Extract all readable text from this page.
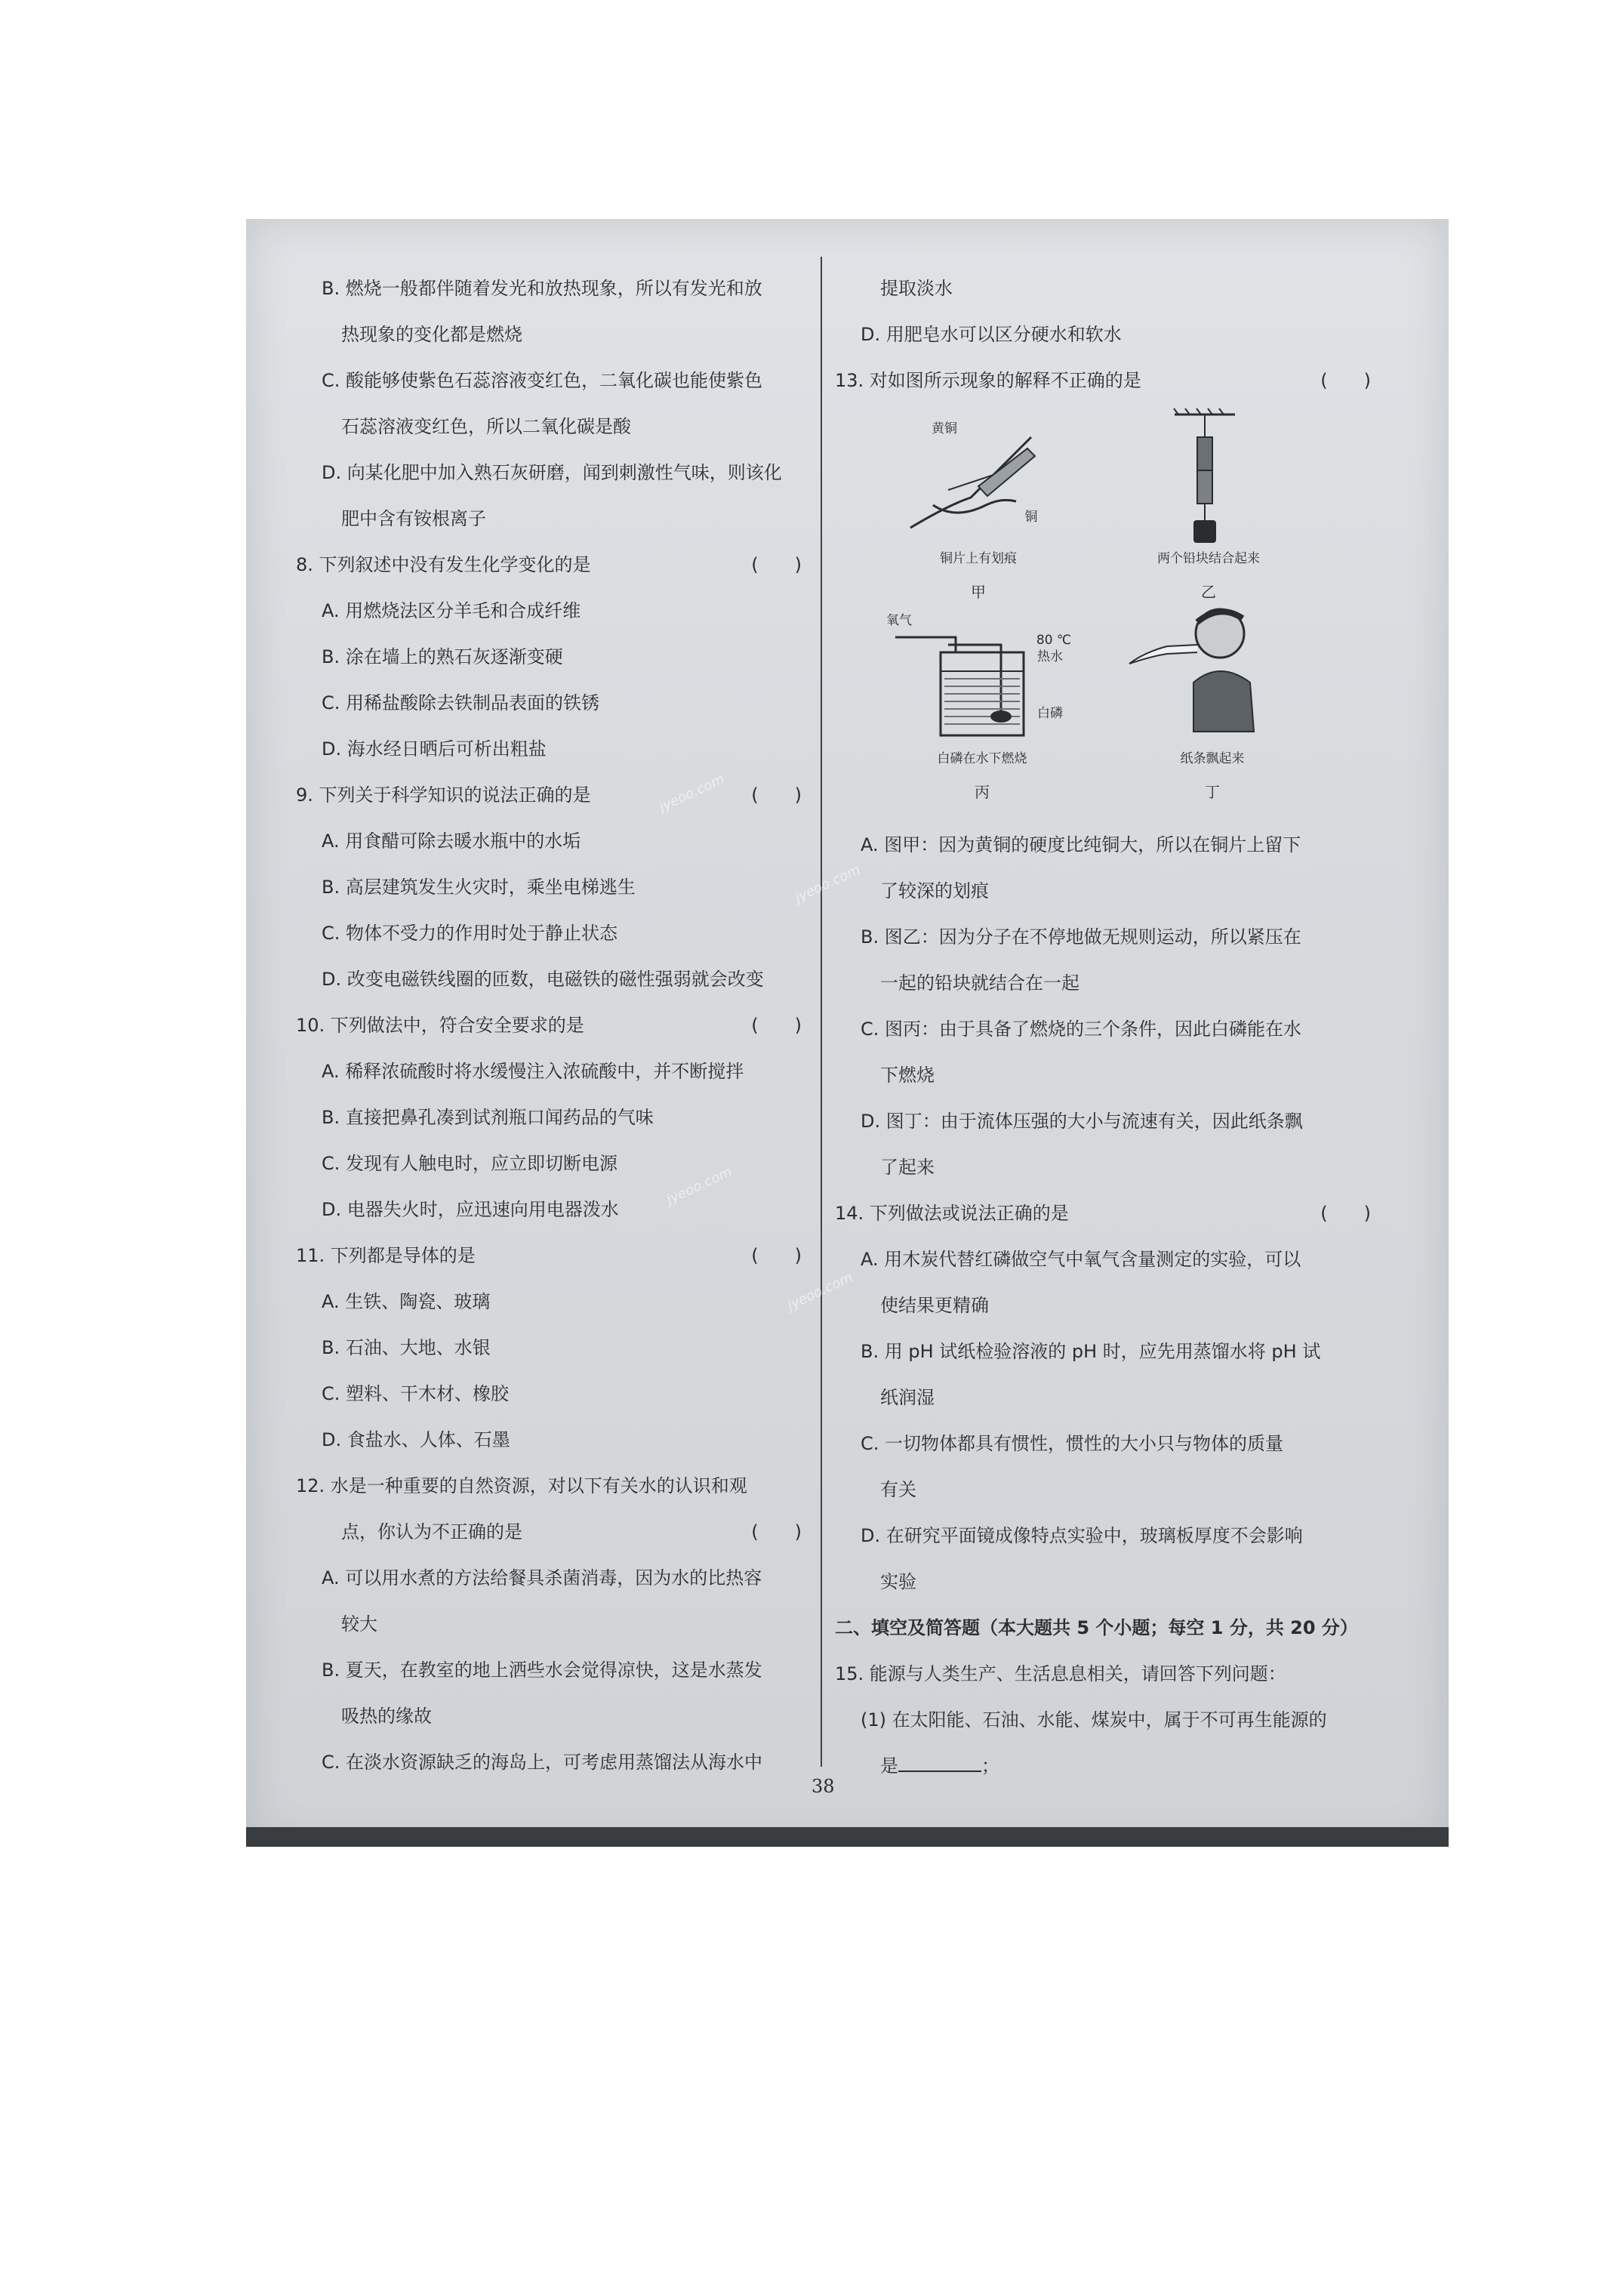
jyeoo.com
jyeoo.com
jyeoo.com
jyeoo.com
B. 燃烧一般都伴随着发光和放热现象，所以有发光和放
热现象的变化都是燃烧
C. 酸能够使紫色石蕊溶液变红色，二氧化碳也能使紫色
石蕊溶液变红色，所以二氧化碳是酸
D. 向某化肥中加入熟石灰研磨，闻到刺激性气味，则该化
肥中含有铵根离子
8. 下列叙述中没有发生化学变化的是	(　　)
A. 用燃烧法区分羊毛和合成纤维
B. 涂在墙上的熟石灰逐渐变硬
C. 用稀盐酸除去铁制品表面的铁锈
D. 海水经日晒后可析出粗盐
9. 下列关于科学知识的说法正确的是	(　　)
A. 用食醋可除去暖水瓶中的水垢
B. 高层建筑发生火灾时，乘坐电梯逃生
C. 物体不受力的作用时处于静止状态
D. 改变电磁铁线圈的匝数，电磁铁的磁性强弱就会改变
10. 下列做法中，符合安全要求的是	(　　)
A. 稀释浓硫酸时将水缓慢注入浓硫酸中，并不断搅拌
B. 直接把鼻孔凑到试剂瓶口闻药品的气味
C. 发现有人触电时，应立即切断电源
D. 电器失火时，应迅速向用电器泼水
11. 下列都是导体的是	(　　)
A. 生铁、陶瓷、玻璃
B. 石油、大地、水银
C. 塑料、干木材、橡胶
D. 食盐水、人体、石墨
12. 水是一种重要的自然资源，对以下有关水的认识和观
点，你认为不正确的是	(　　)
A. 可以用水煮的方法给餐具杀菌消毒，因为水的比热容
较大
B. 夏天，在教室的地上洒些水会觉得凉快，这是水蒸发
吸热的缘故
C. 在淡水资源缺乏的海岛上，可考虑用蒸馏法从海水中
提取淡水
D. 用肥皂水可以区分硬水和软水
13. 对如图所示现象的解释不正确的是	(　　)
黄铜
铜
铜片上有划痕
甲
两个铅块结合起来
乙
氧气
80 ℃
热水
白磷
白磷在水下燃烧
丙
纸条飘起来
丁
A. 图甲：因为黄铜的硬度比纯铜大，所以在铜片上留下
了较深的划痕
B. 图乙：因为分子在不停地做无规则运动，所以紧压在
一起的铅块就结合在一起
C. 图丙：由于具备了燃烧的三个条件，因此白磷能在水
下燃烧
D. 图丁：由于流体压强的大小与流速有关，因此纸条飘
了起来
14. 下列做法或说法正确的是	(　　)
A. 用木炭代替红磷做空气中氧气含量测定的实验，可以
使结果更精确
B. 用 pH 试纸检验溶液的 pH 时，应先用蒸馏水将 pH 试
纸润湿
C. 一切物体都具有惯性，惯性的大小只与物体的质量
有关
D. 在研究平面镜成像特点实验中，玻璃板厚度不会影响
实验
二、填空及简答题（本大题共 5 个小题；每空 1 分，共 20 分）
15. 能源与人类生产、生活息息相关，请回答下列问题：
(1) 在太阳能、石油、水能、煤炭中，属于不可再生能源的
是	；
38
